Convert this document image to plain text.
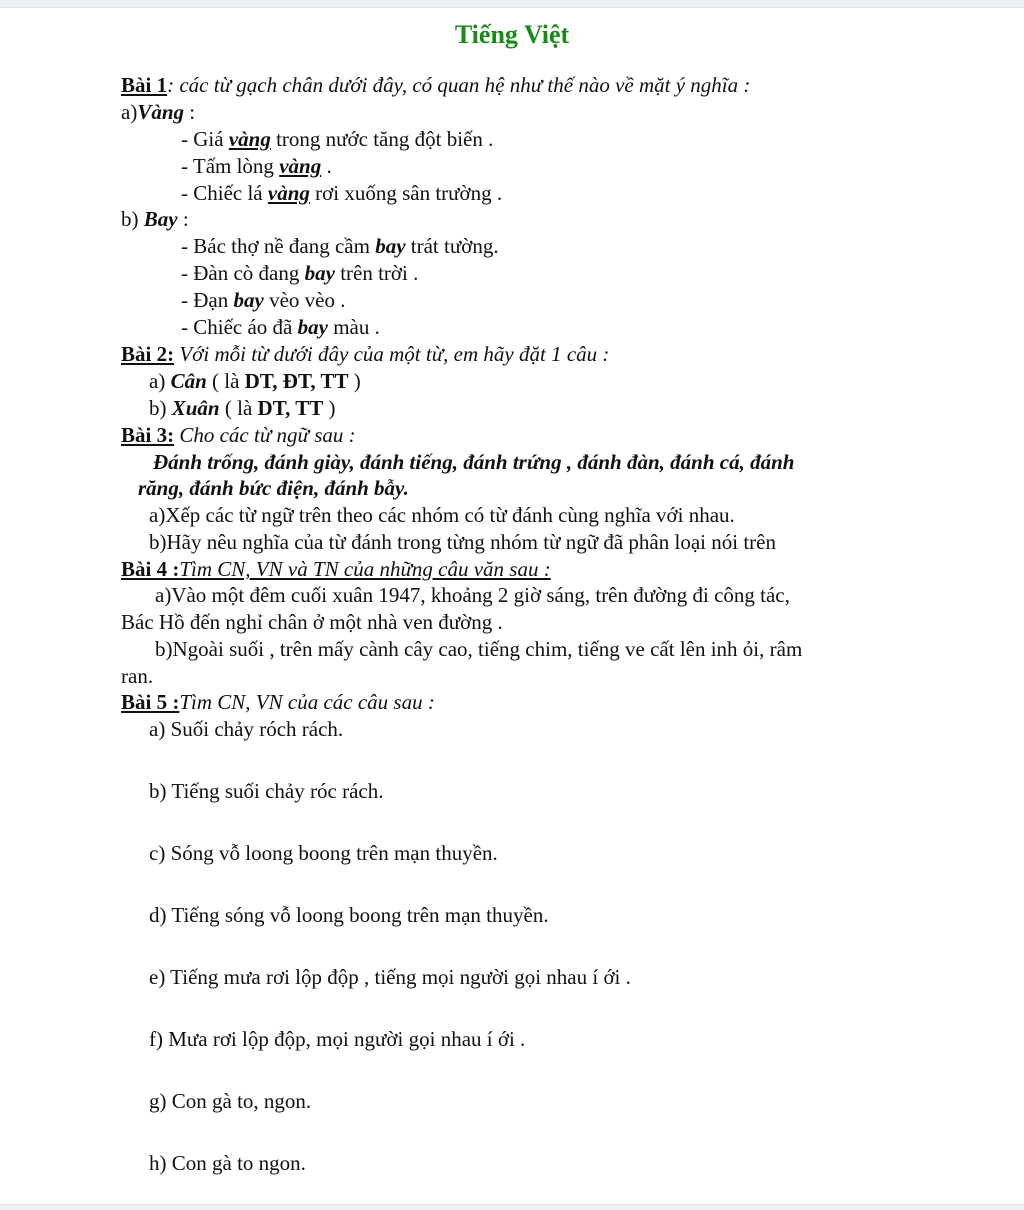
Tiếng Việt
Bài 1: các từ gạch chân dưới đây, có quan hệ như thế nào về mặt ý nghĩa :
a)Vàng :
- Giá vàng trong nước tăng đột biến .
- Tấm lòng vàng .
- Chiếc lá vàng rơi xuống sân trường .
b) Bay :
- Bác thợ nề đang cầm bay trát tường.
- Đàn cò đang bay trên trời .
- Đạn bay vèo vèo .
- Chiếc áo đã bay màu .
Bài 2: Với mỗi từ dưới đây của một từ, em hãy đặt 1 câu :
a) Cân ( là DT, ĐT, TT )
b) Xuân ( là DT, TT )
Bài 3: Cho các từ ngữ sau :
Đánh trống, đánh giày, đánh tiếng, đánh trứng , đánh đàn, đánh cá, đánh
răng, đánh bức điện, đánh bẫy.
a)Xếp các từ ngữ trên theo các nhóm có từ đánh cùng nghĩa với nhau.
b)Hãy nêu nghĩa của từ đánh trong từng nhóm từ ngữ đã phân loại nói trên
Bài 4 :Tìm CN, VN và TN của những câu văn sau :
a)Vào một đêm cuối xuân 1947, khoảng 2 giờ sáng, trên đường đi công tác,
Bác Hồ đến nghỉ chân ở một nhà ven đường .
b)Ngoài suối , trên mấy cành cây cao, tiếng chim, tiếng ve cất lên inh ỏi, râm
ran.
Bài 5 :Tìm CN, VN của các câu sau :
a) Suối chảy róch rách.
b) Tiếng suối chảy róc rách.
c) Sóng vỗ loong boong trên mạn thuyền.
d) Tiếng sóng vỗ loong boong trên mạn thuyền.
e) Tiếng mưa rơi lộp độp , tiếng mọi người gọi nhau í ới .
f) Mưa rơi lộp độp, mọi người gọi nhau í ới .
g) Con gà to, ngon.
h) Con gà to ngon.
